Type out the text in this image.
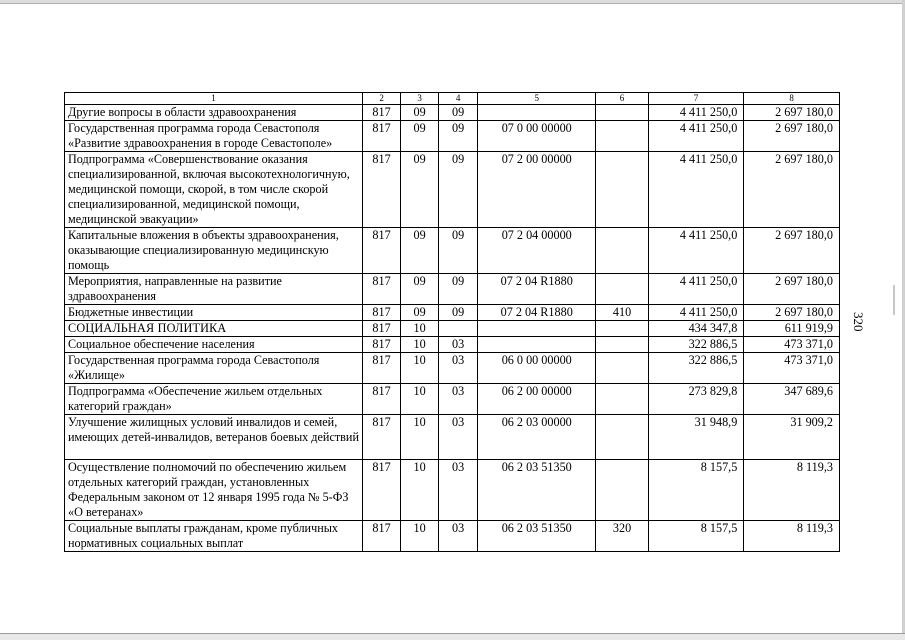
1	2	3	4	5	6	7	8
Другие вопросы в области здравоохранения	817	09	09			4 411 250,0	2 697 180,0
Государственная программа города Севастополя «Развитие здравоохранения в городе Севастополе»	817	09	09	07 0 00 00000		4 411 250,0	2 697 180,0
Подпрограмма «Совершенствование оказания специализированной, включая высокотехнологичную, медицинской помощи, скорой, в том числе скорой специализированной, медицинской помощи, медицинской эвакуации»	817	09	09	07 2 00 00000		4 411 250,0	2 697 180,0
Капитальные вложения в объекты здравоохранения, оказывающие специализированную медицинскую помощь	817	09	09	07 2 04 00000		4 411 250,0	2 697 180,0
Мероприятия, направленные на развитие здравоохранения	817	09	09	07 2 04 R1880		4 411 250,0	2 697 180,0
Бюджетные инвестиции	817	09	09	07 2 04 R1880	410	4 411 250,0	2 697 180,0
СОЦИАЛЬНАЯ ПОЛИТИКА	817	10				434 347,8	611 919,9
Социальное обеспечение населения	817	10	03			322 886,5	473 371,0
Государственная программа города Севастополя «Жилище»	817	10	03	06 0 00 00000		322 886,5	473 371,0
Подпрограмма «Обеспечение жильем отдельных категорий граждан»	817	10	03	06 2 00 00000		273 829,8	347 689,6
Улучшение жилищных условий инвалидов и семей, имеющих детей-инвалидов, ветеранов боевых действий	817	10	03	06 2 03 00000		31 948,9	31 909,2
Осуществление полномочий по обеспечению жильем отдельных категорий граждан, установленных Федеральным законом от 12 января 1995 года № 5-ФЗ «О ветеранах»	817	10	03	06 2 03 51350		8 157,5	8 119,3
Социальные выплаты гражданам, кроме публичных нормативных социальных выплат	817	10	03	06 2 03 51350	320	8 157,5	8 119,3
320
